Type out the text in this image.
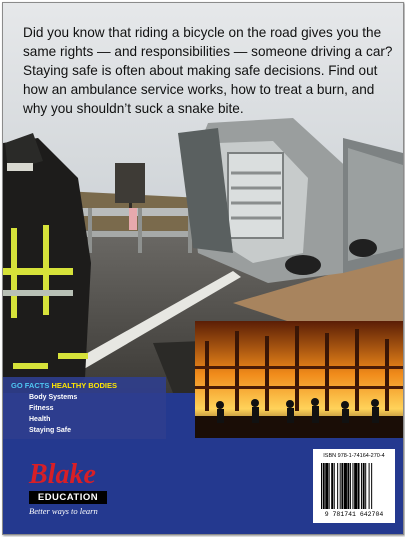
Did you know that riding a bicycle on the road gives you the same rights — and responsibilities — someone driving a car? Staying safe is often about making safe decisions. Find out how an ambulance service works, how to treat a burn, and why you shouldn’t suck a snake bite.

GO FACTS HEALTHY BODIES
Body Systems
Fitness
Health
Staying Safe
Blake
EDUCATION
Better ways to learn
ISBN 978-1-74164-270-4
9 781741 642704
